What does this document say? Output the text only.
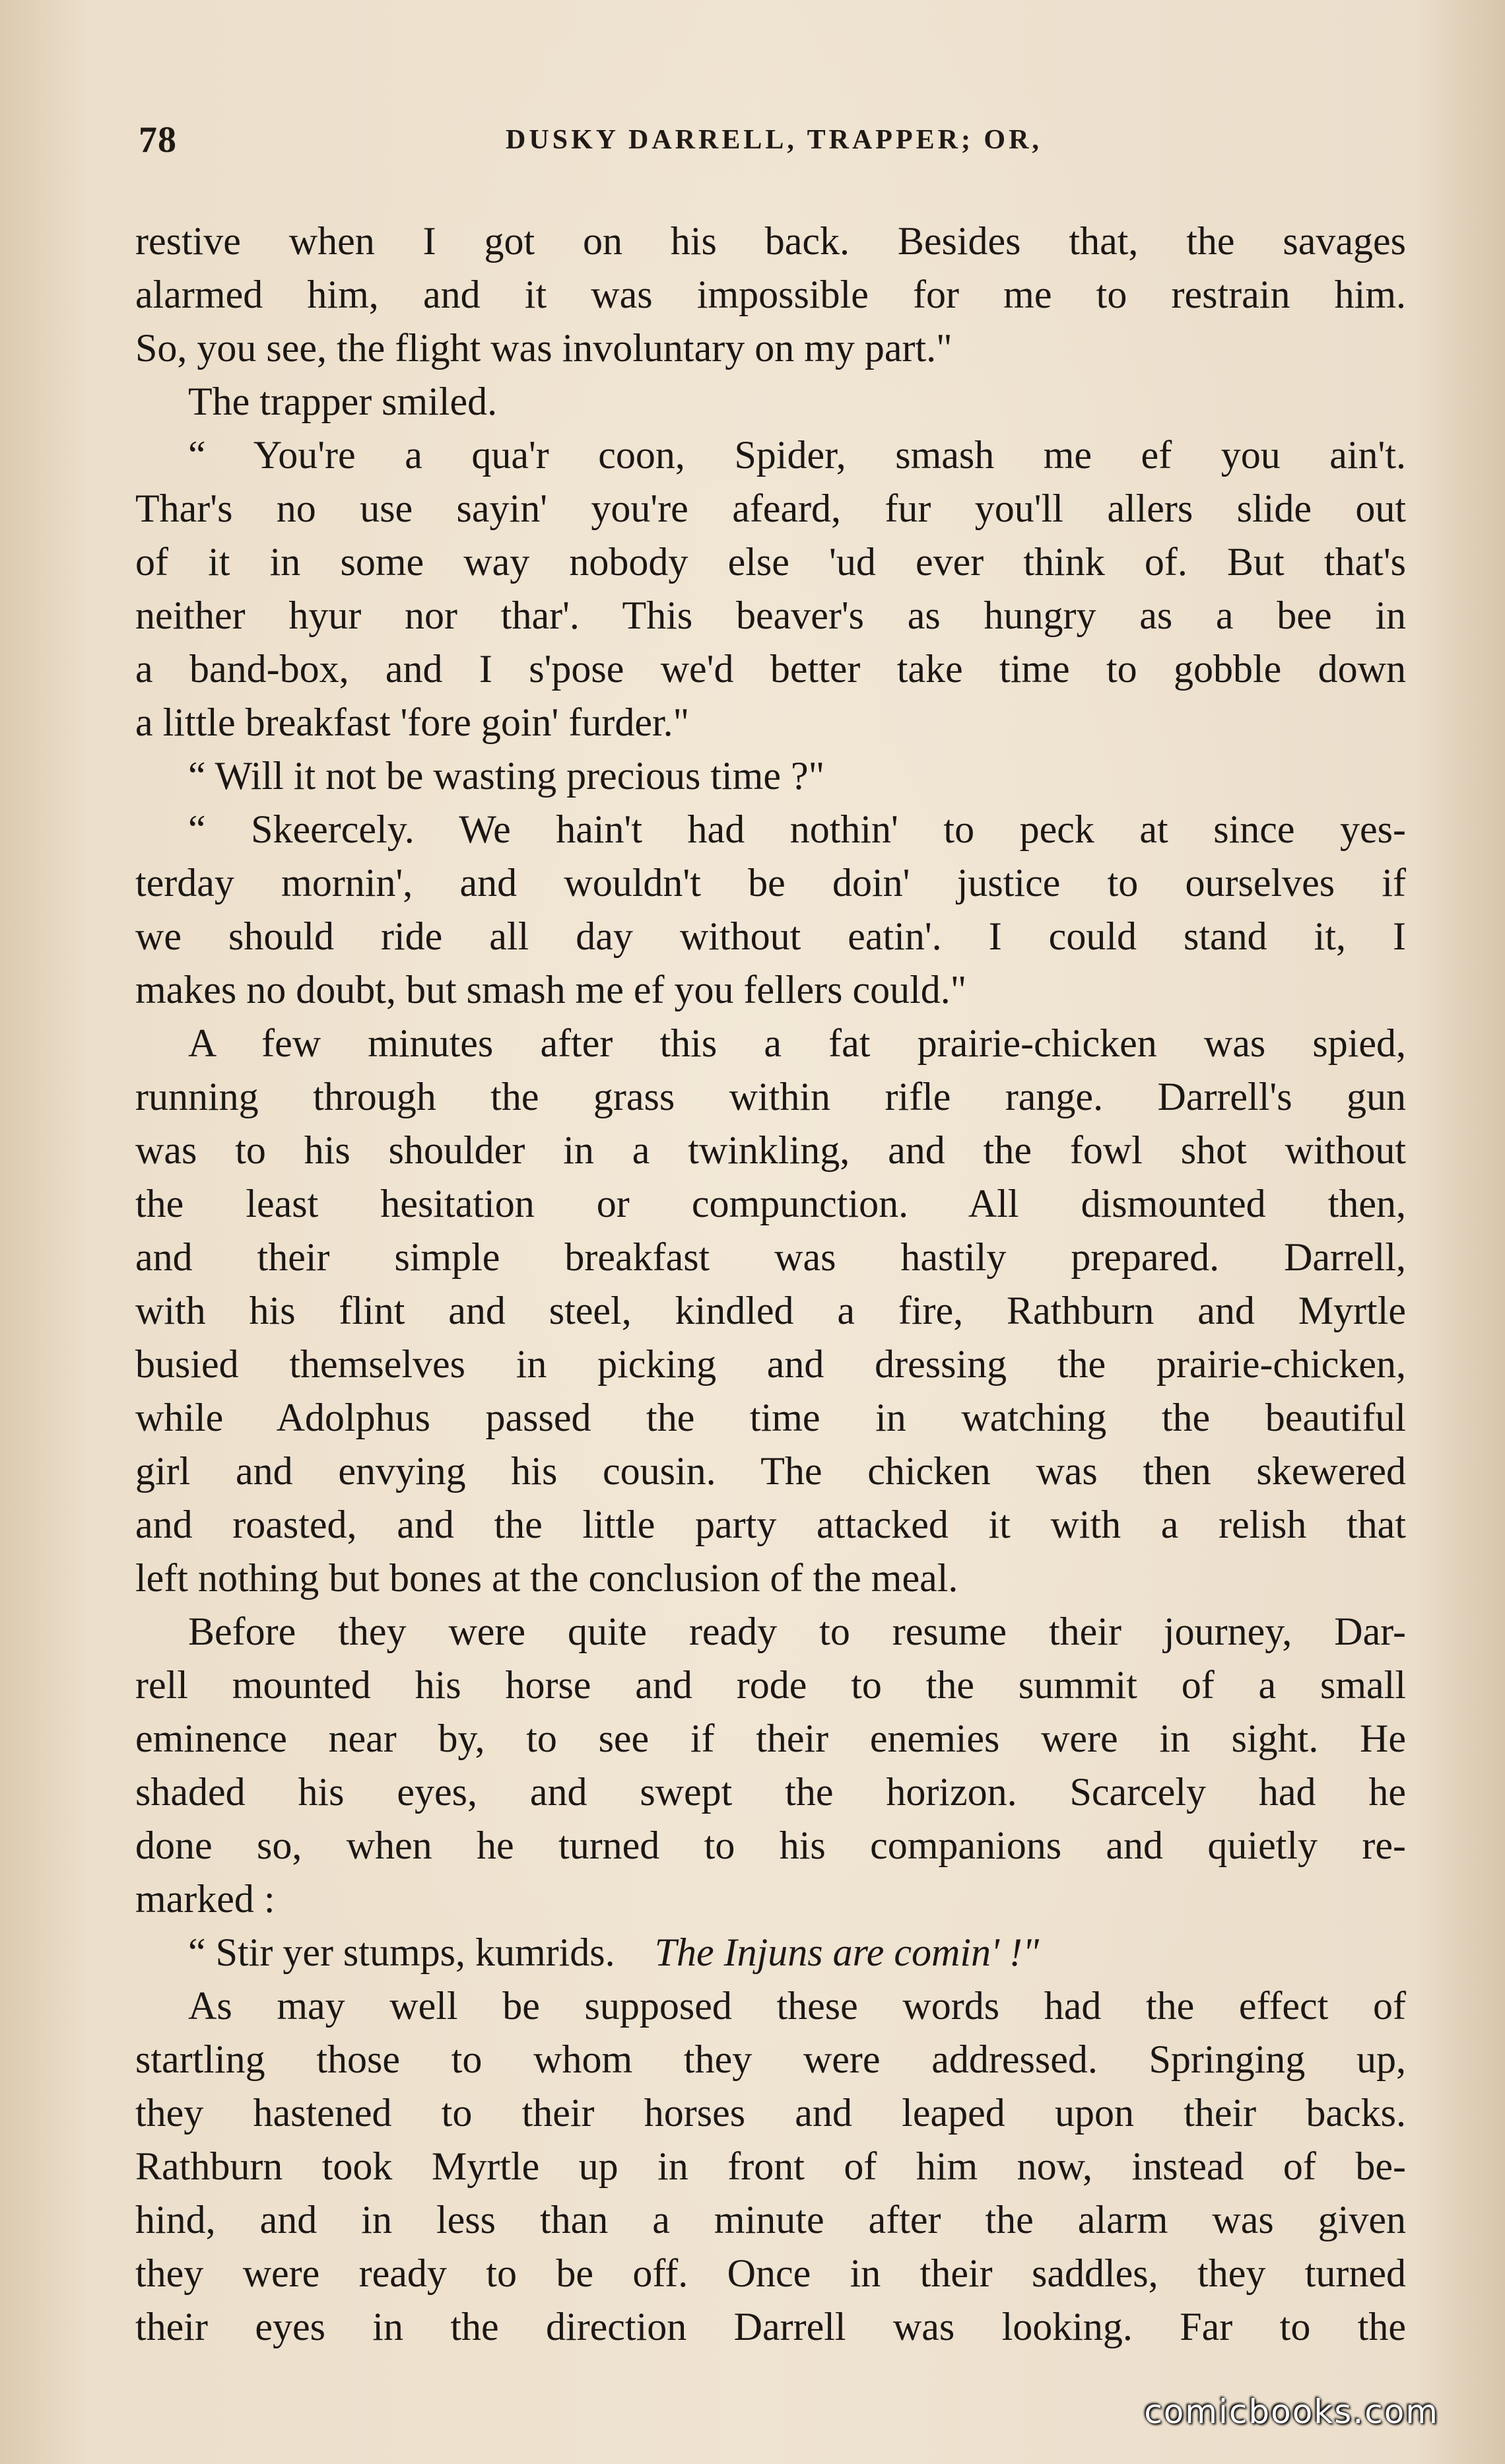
78	DUSKY DARRELL, TRAPPER; OR,
restive when I got on his back. Besides that, the savages
alarmed him, and it was impossible for me to restrain him.
So, you see, the flight was involuntary on my part."
The trapper smiled.
“ You're a qua'r coon, Spider, smash me ef you ain't.
Thar's no use sayin' you're afeard, fur you'll allers slide out
of it in some way nobody else 'ud ever think of. But that's
neither hyur nor thar'. This beaver's as hungry as a bee in
a band-box, and I s'pose we'd better take time to gobble down
a little breakfast 'fore goin' furder."
“ Will it not be wasting precious time ?"
“ Skeercely. We hain't had nothin' to peck at since yes-
terday mornin', and wouldn't be doin' justice to ourselves if
we should ride all day without eatin'. I could stand it, I
makes no doubt, but smash me ef you fellers could."
A few minutes after this a fat prairie-chicken was spied,
running through the grass within rifle range. Darrell's gun
was to his shoulder in a twinkling, and the fowl shot without
the least hesitation or compunction. All dismounted then,
and their simple breakfast was hastily prepared. Darrell,
with his flint and steel, kindled a fire, Rathburn and Myrtle
busied themselves in picking and dressing the prairie-chicken,
while Adolphus passed the time in watching the beautiful
girl and envying his cousin. The chicken was then skewered
and roasted, and the little party attacked it with a relish that
left nothing but bones at the conclusion of the meal.
Before they were quite ready to resume their journey, Dar-
rell mounted his horse and rode to the summit of a small
eminence near by, to see if their enemies were in sight. He
shaded his eyes, and swept the horizon. Scarcely had he
done so, when he turned to his companions and quietly re-
marked :
“ Stir yer stumps, kumrids. The Injuns are comin' !"
As may well be supposed these words had the effect of
startling those to whom they were addressed. Springing up,
they hastened to their horses and leaped upon their backs.
Rathburn took Myrtle up in front of him now, instead of be-
hind, and in less than a minute after the alarm was given
they were ready to be off. Once in their saddles, they turned
their eyes in the direction Darrell was looking. Far to the
comicbooks.com
